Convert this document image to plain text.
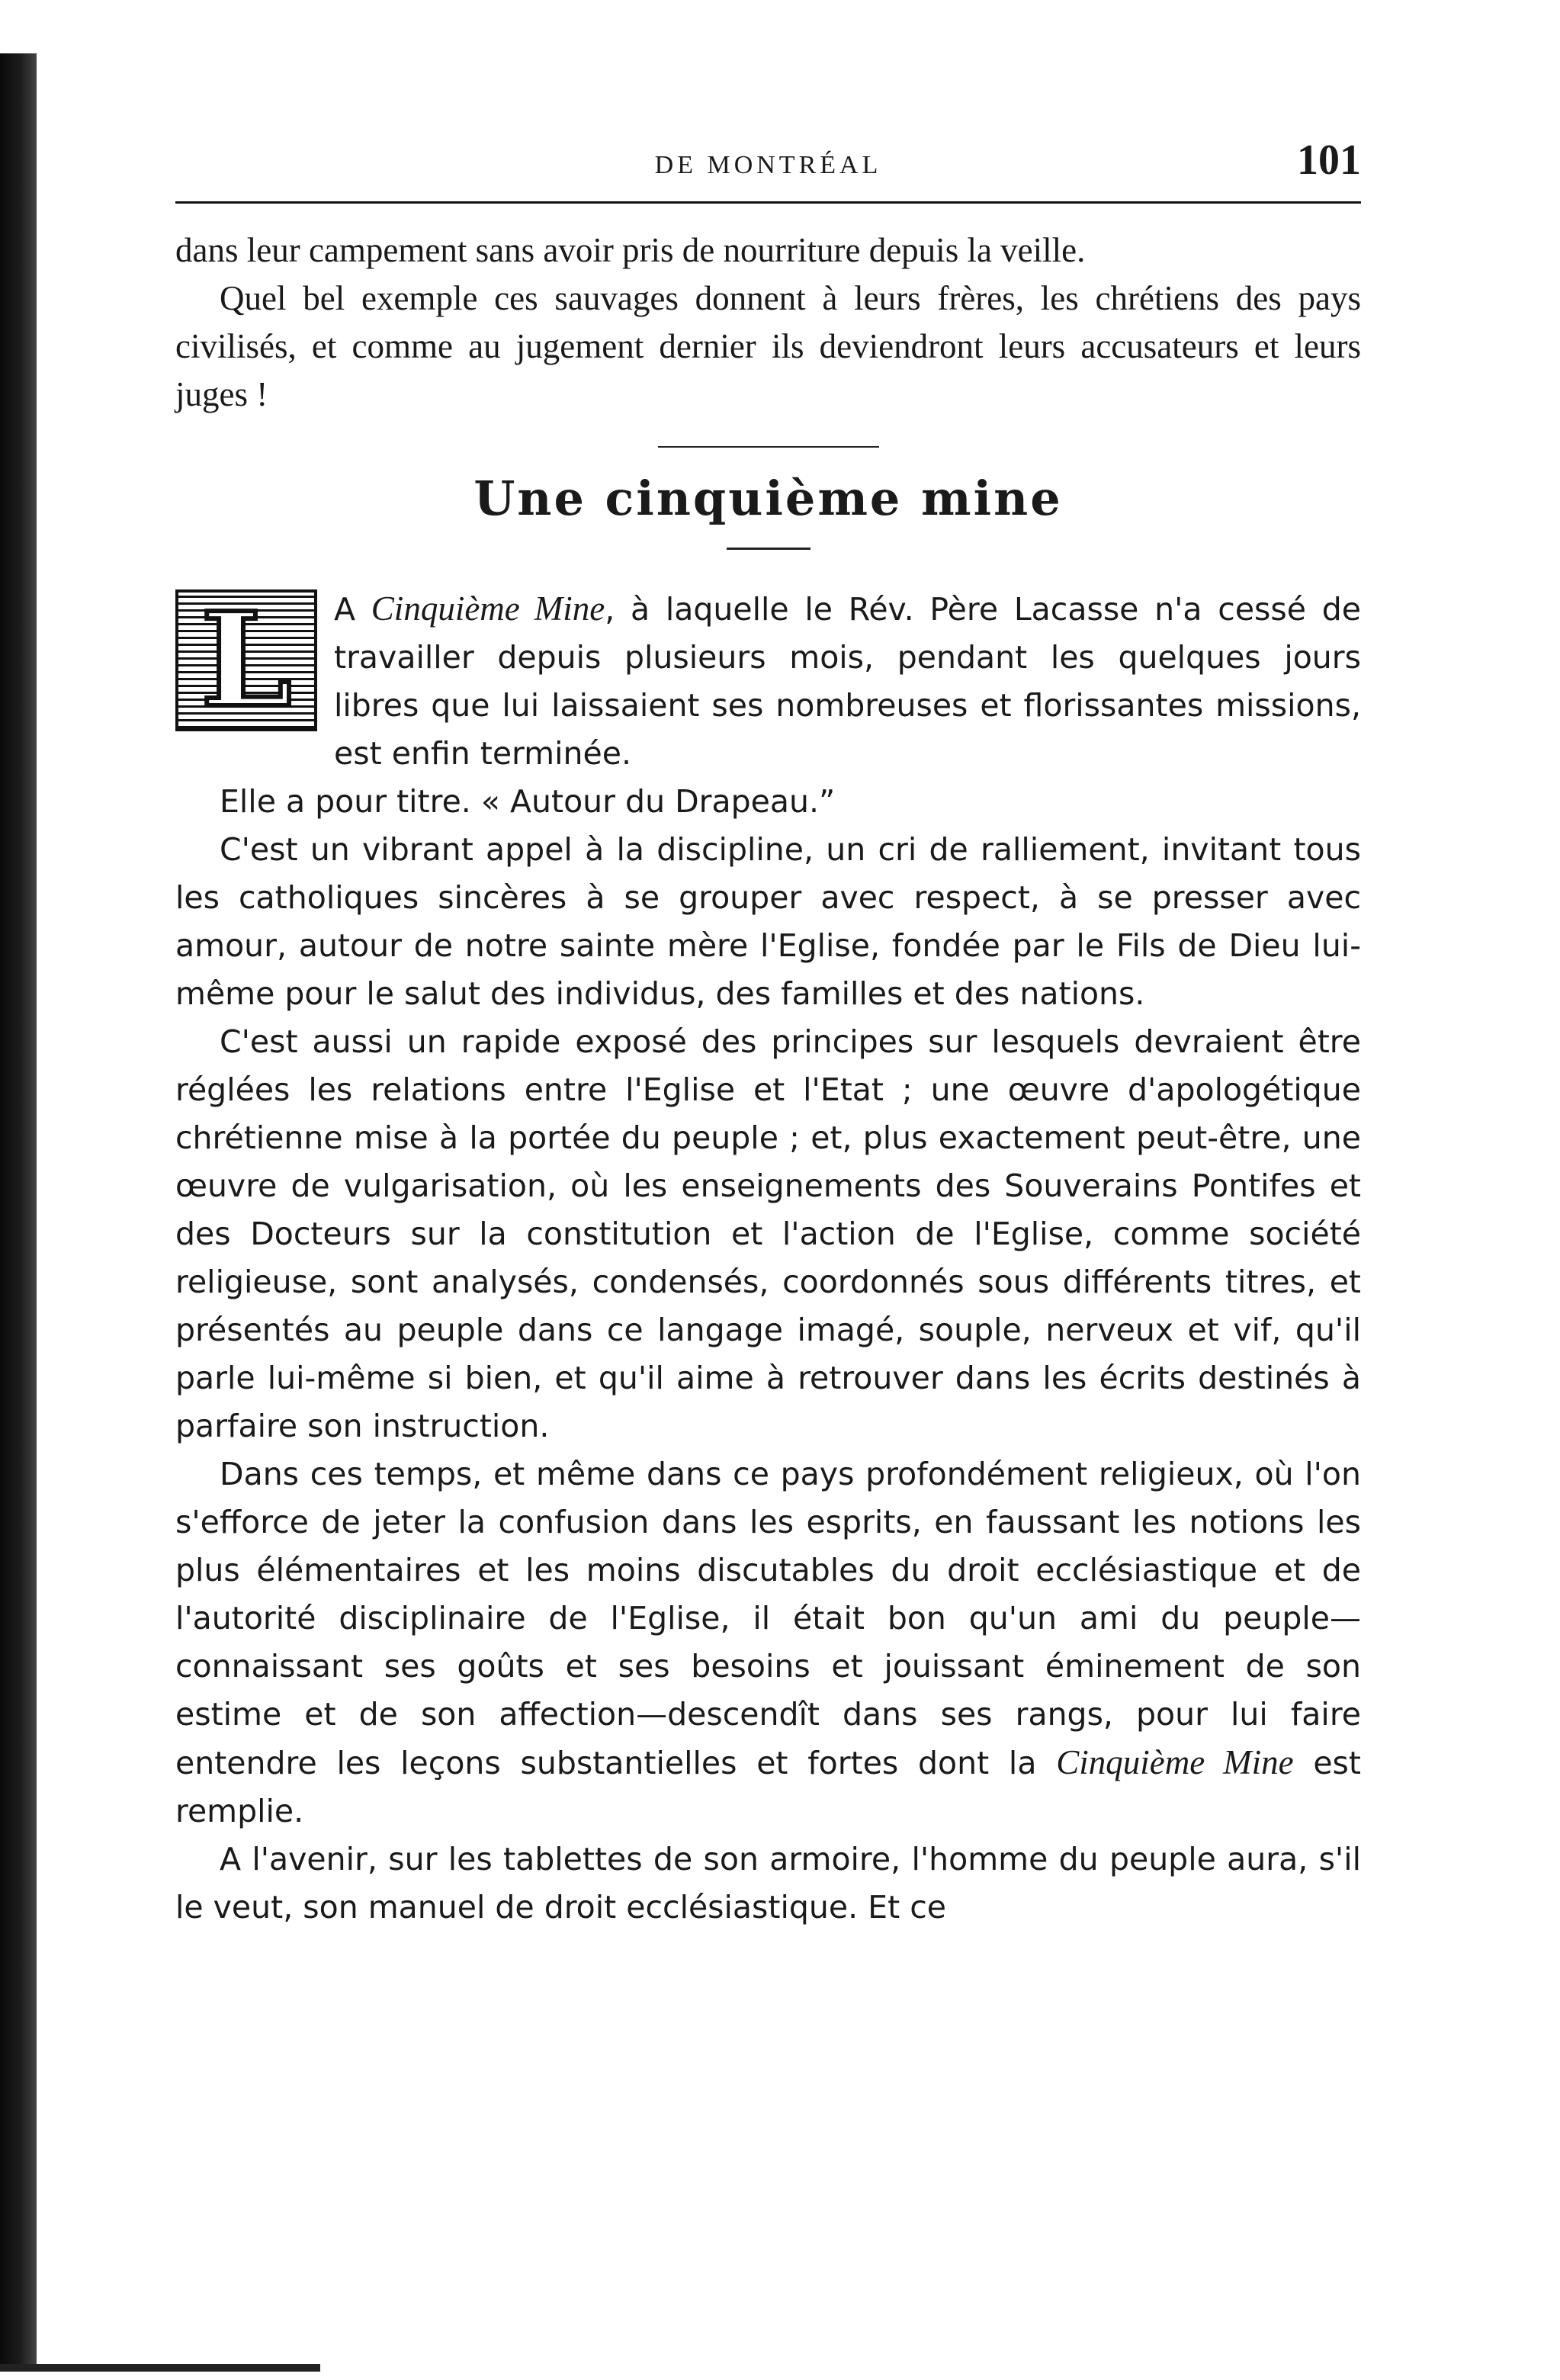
DE MONTRÉAL	101

dans leur campement sans avoir pris de nourriture depuis la veille.

Quel bel exemple ces sauvages donnent à leurs frères, les chrétiens des pays civilisés, et comme au jugement dernier ils deviendront leurs accusateurs et leurs juges !

Une cinquième mine
L	A Cinquième Mine, à laquelle le Rév. Père Lacasse n'a cessé de travailler depuis plusieurs mois, pendant les quelques jours libres que lui laissaient ses nombreuses et florissantes missions, est enfin terminée.

Elle a pour titre. « Autour du Drapeau.”

C'est un vibrant appel à la discipline, un cri de ralliement, invitant tous les catholiques sincères à se grouper avec respect, à se presser avec amour, autour de notre sainte mère l'Eglise, fondée par le Fils de Dieu lui-même pour le salut des individus, des familles et des nations.

C'est aussi un rapide exposé des principes sur lesquels devraient être réglées les relations entre l'Eglise et l'Etat ; une œuvre d'apologétique chrétienne mise à la portée du peuple ; et, plus exactement peut-être, une œuvre de vulgarisation, où les enseignements des Souverains Pontifes et des Docteurs sur la constitution et l'action de l'Eglise, comme société religieuse, sont analysés, condensés, coordonnés sous différents titres, et présentés au peuple dans ce langage imagé, souple, nerveux et vif, qu'il parle lui-même si bien, et qu'il aime à retrouver dans les écrits destinés à parfaire son instruction.

Dans ces temps, et même dans ce pays profondément religieux, où l'on s'efforce de jeter la confusion dans les esprits, en faussant les notions les plus élémentaires et les moins discutables du droit ecclésiastique et de l'autorité disciplinaire de l'Eglise, il était bon qu'un ami du peuple—connaissant ses goûts et ses besoins et jouissant éminement de son estime et de son affection—descendît dans ses rangs, pour lui faire entendre les leçons substantielles et fortes dont la Cinquième Mine est remplie.

A l'avenir, sur les tablettes de son armoire, l'homme du peuple aura, s'il le veut, son manuel de droit ecclésiastique. Et ce
